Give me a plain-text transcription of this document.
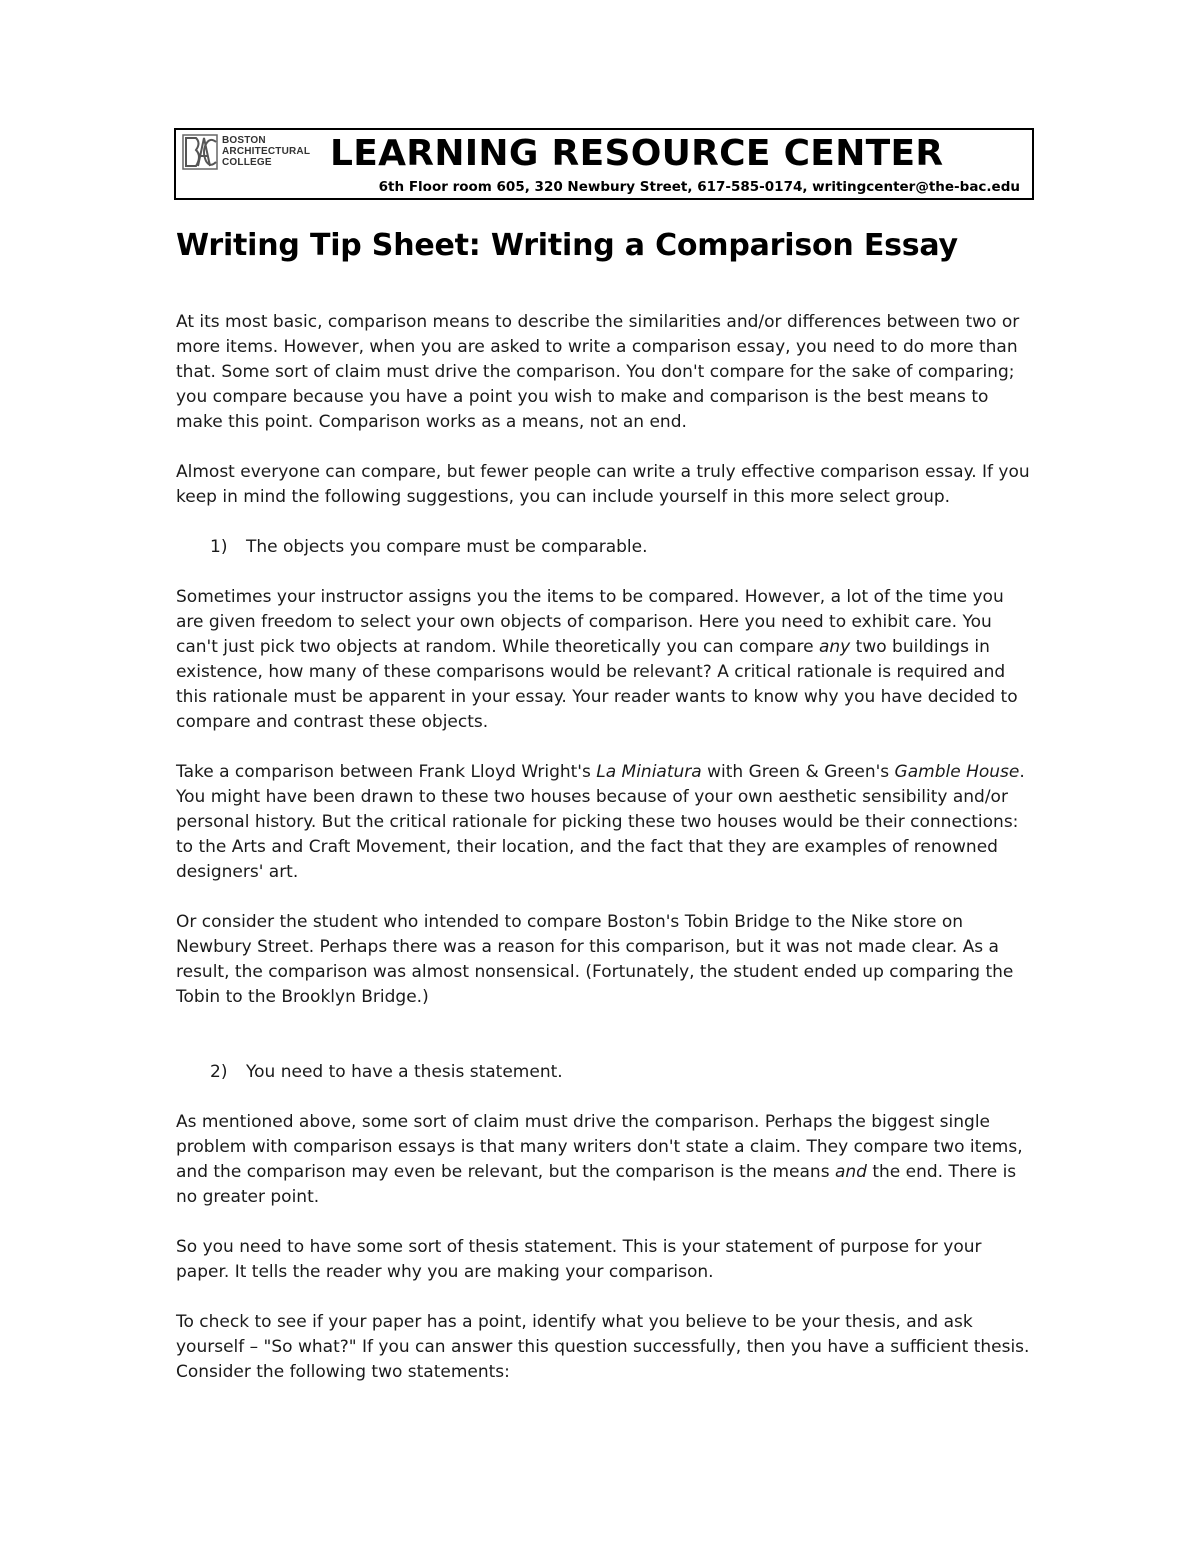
BOSTON
ARCHITECTURAL
COLLEGE	LEARNING RESOURCE CENTER
6th Floor room 605, 320 Newbury Street, 617-585-0174, writingcenter@the-bac.edu
Writing Tip Sheet: Writing a Comparison Essay

At its most basic, comparison means to describe the similarities and/or differences between two or more items. However, when you are asked to write a comparison essay, you need to do more than that. Some sort of claim must drive the comparison. You don't compare for the sake of comparing; you compare because you have a point you wish to make and comparison is the best means to make this point. Comparison works as a means, not an end.

Almost everyone can compare, but fewer people can write a truly effective comparison essay. If you keep in mind the following suggestions, you can include yourself in this more select group.

1) The objects you compare must be comparable.

Sometimes your instructor assigns you the items to be compared. However, a lot of the time you are given freedom to select your own objects of comparison. Here you need to exhibit care. You can't just pick two objects at random. While theoretically you can compare any two buildings in existence, how many of these comparisons would be relevant? A critical rationale is required and this rationale must be apparent in your essay. Your reader wants to know why you have decided to compare and contrast these objects.

Take a comparison between Frank Lloyd Wright's La Miniatura with Green & Green's Gamble House. You might have been drawn to these two houses because of your own aesthetic sensibility and/or personal history. But the critical rationale for picking these two houses would be their connections: to the Arts and Craft Movement, their location, and the fact that they are examples of renowned designers' art.

Or consider the student who intended to compare Boston's Tobin Bridge to the Nike store on Newbury Street. Perhaps there was a reason for this comparison, but it was not made clear. As a result, the comparison was almost nonsensical. (Fortunately, the student ended up comparing the Tobin to the Brooklyn Bridge.)

2) You need to have a thesis statement.

As mentioned above, some sort of claim must drive the comparison. Perhaps the biggest single problem with comparison essays is that many writers don't state a claim. They compare two items, and the comparison may even be relevant, but the comparison is the means and the end. There is no greater point.

So you need to have some sort of thesis statement. This is your statement of purpose for your paper. It tells the reader why you are making your comparison.

To check to see if your paper has a point, identify what you believe to be your thesis, and ask yourself – "So what?" If you can answer this question successfully, then you have a sufficient thesis. Consider the following two statements:
